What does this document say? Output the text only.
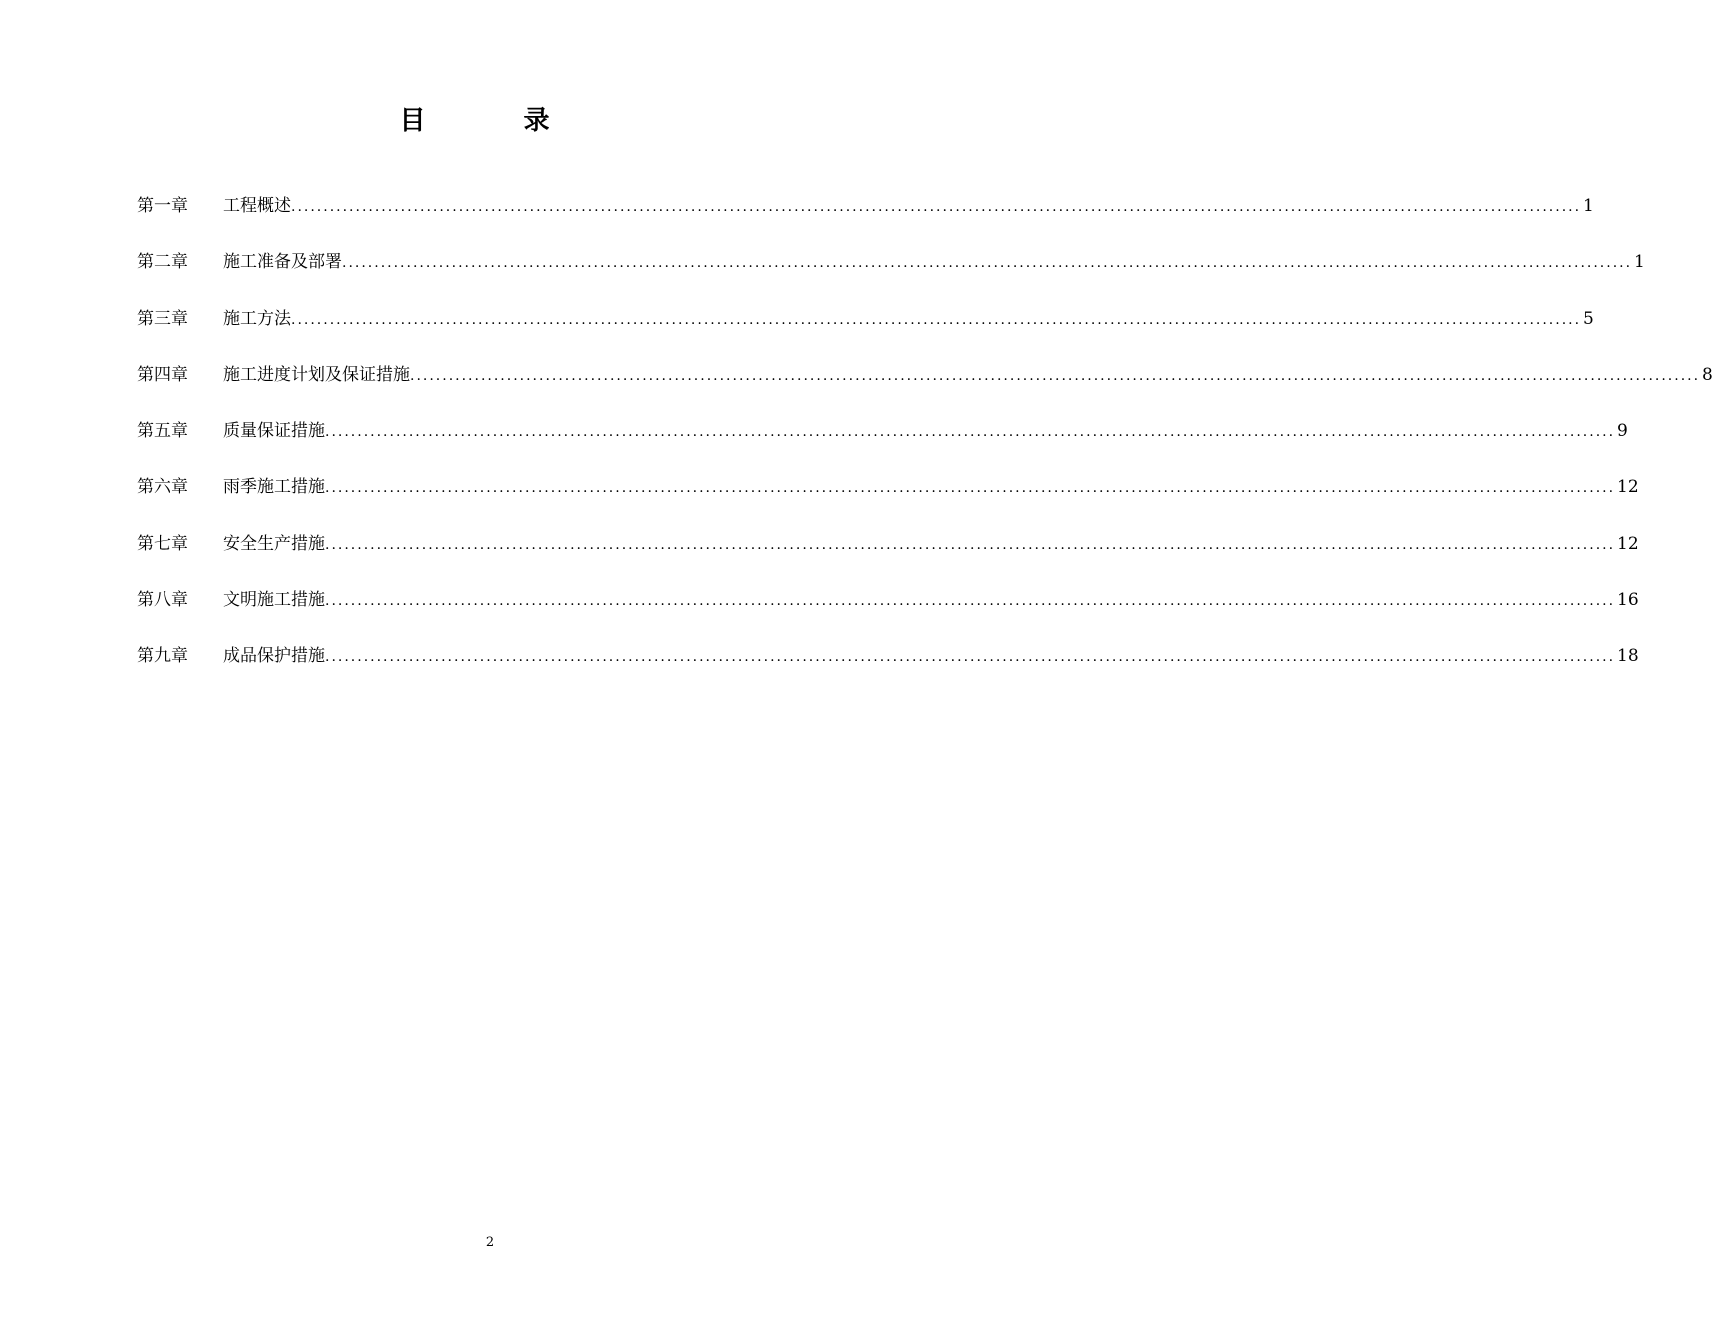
目　录
第一章	工程概述 ........................................................................................................................................................................................................ 1
第二章	施工准备及部署 ........................................................................................................................................................................................................ 1
第三章	施工方法 ........................................................................................................................................................................................................ 5
第四章	施工进度计划及保证措施 ........................................................................................................................................................................................................ 8
第五章	质量保证措施 ........................................................................................................................................................................................................ 9
第六章	雨季施工措施 ........................................................................................................................................................................................................ 12
第七章	安全生产措施 ........................................................................................................................................................................................................ 12
第八章	文明施工措施 ........................................................................................................................................................................................................ 16
第九章	成品保护措施 ........................................................................................................................................................................................................ 18
2
